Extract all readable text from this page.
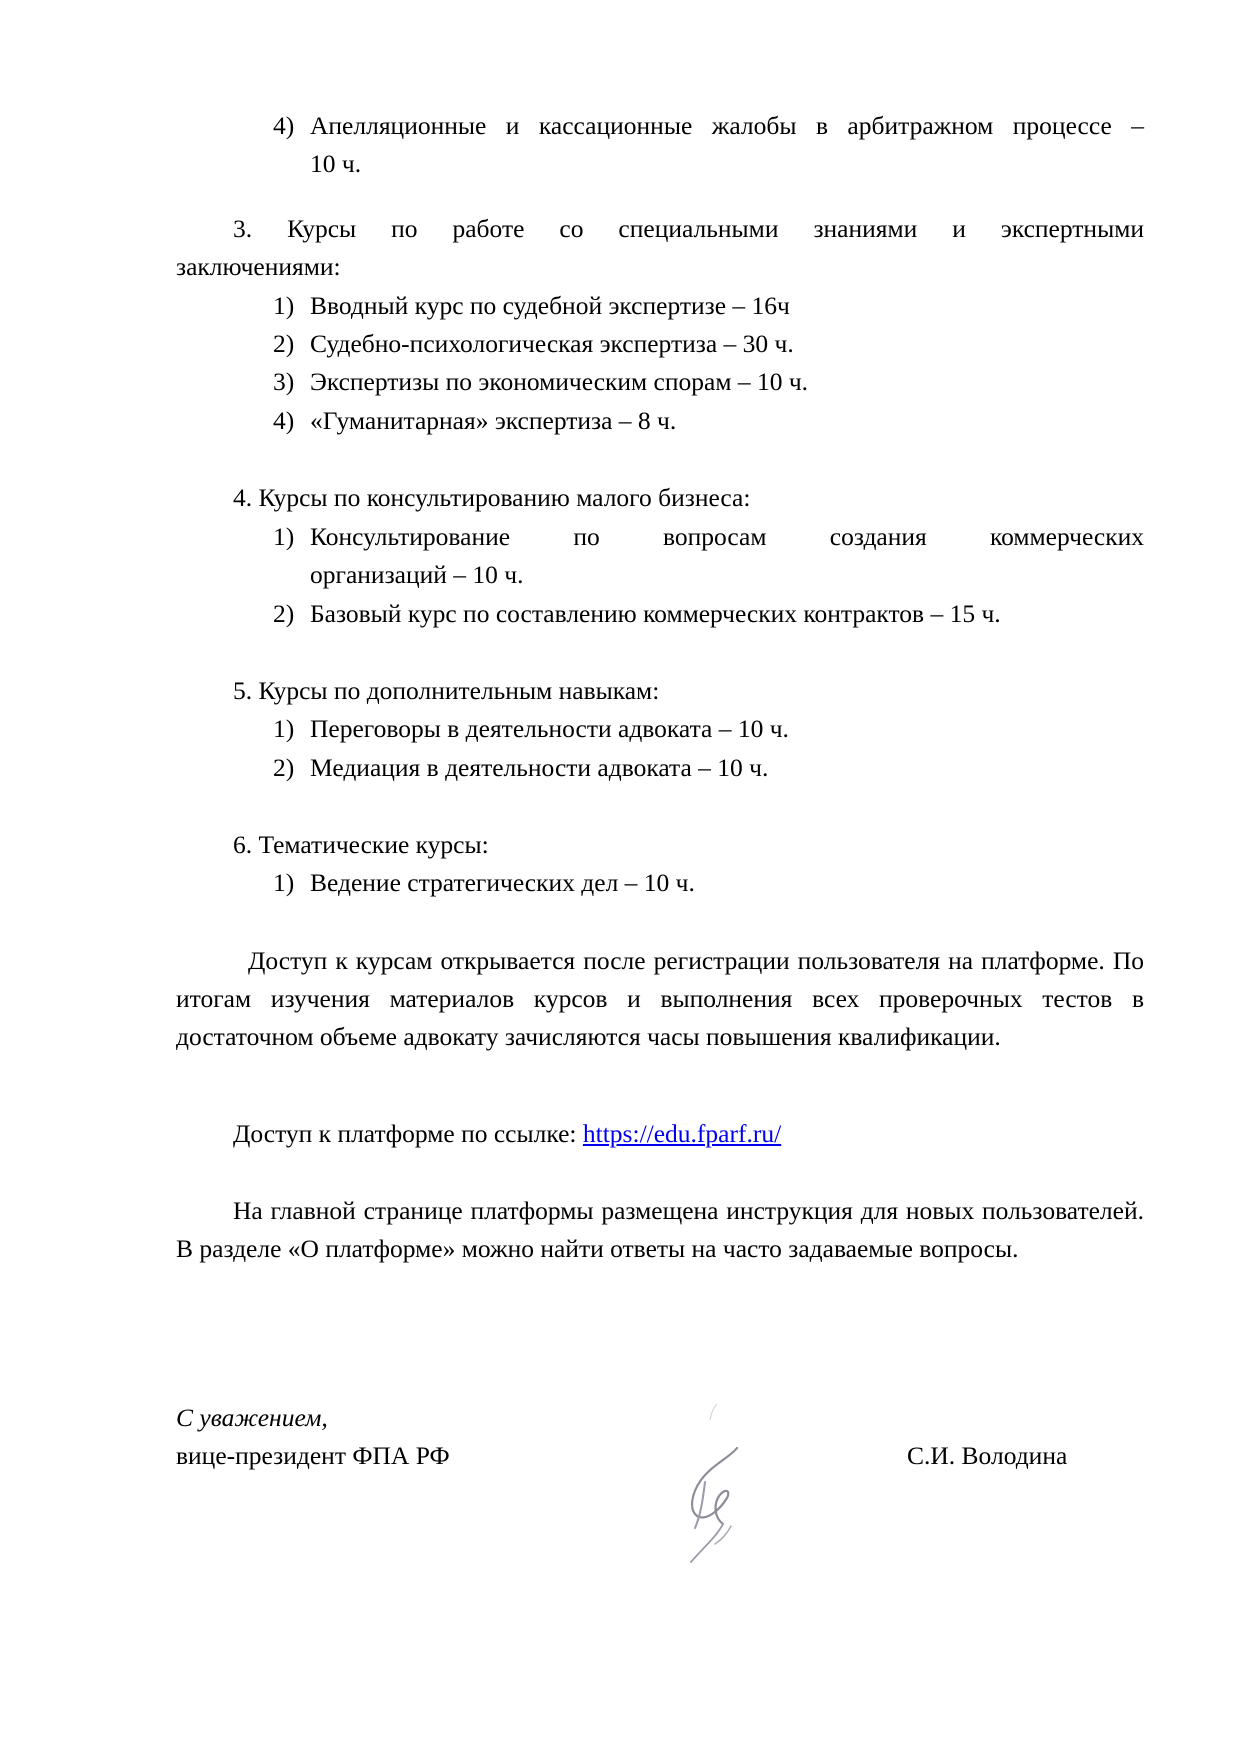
4) Апелляционные и кассационные жалобы в арбитражном процессе –
10 ч.
3. Курсы по работе со специальными знаниями и экспертными
заключениями:
1) Вводный курс по судебной экспертизе – 16ч
2) Судебно-психологическая экспертиза – 30 ч.
3) Экспертизы по экономическим спорам – 10 ч.
4) «Гуманитарная» экспертиза – 8 ч.
4. Курсы по консультированию малого бизнеса:
1) Консультирование по вопросам создания коммерческих
организаций – 10 ч.
2) Базовый курс по составлению коммерческих контрактов – 15 ч.
5. Курсы по дополнительным навыкам:
1) Переговоры в деятельности адвоката – 10 ч.
2) Медиация в деятельности адвоката – 10 ч.
6. Тематические курсы:
1) Ведение стратегических дел – 10 ч.
Доступ к курсам открывается после регистрации пользователя на платформе. По итогам изучения материалов курсов и выполнения всех проверочных тестов в достаточном объеме адвокату зачисляются часы повышения квалификации.
Доступ к платформе по ссылке: https://edu.fparf.ru/
На главной странице платформы размещена инструкция для новых пользователей. В разделе «О платформе» можно найти ответы на часто задаваемые вопросы.
С уважением,
вице-президент ФПА РФ	С.И. Володина
